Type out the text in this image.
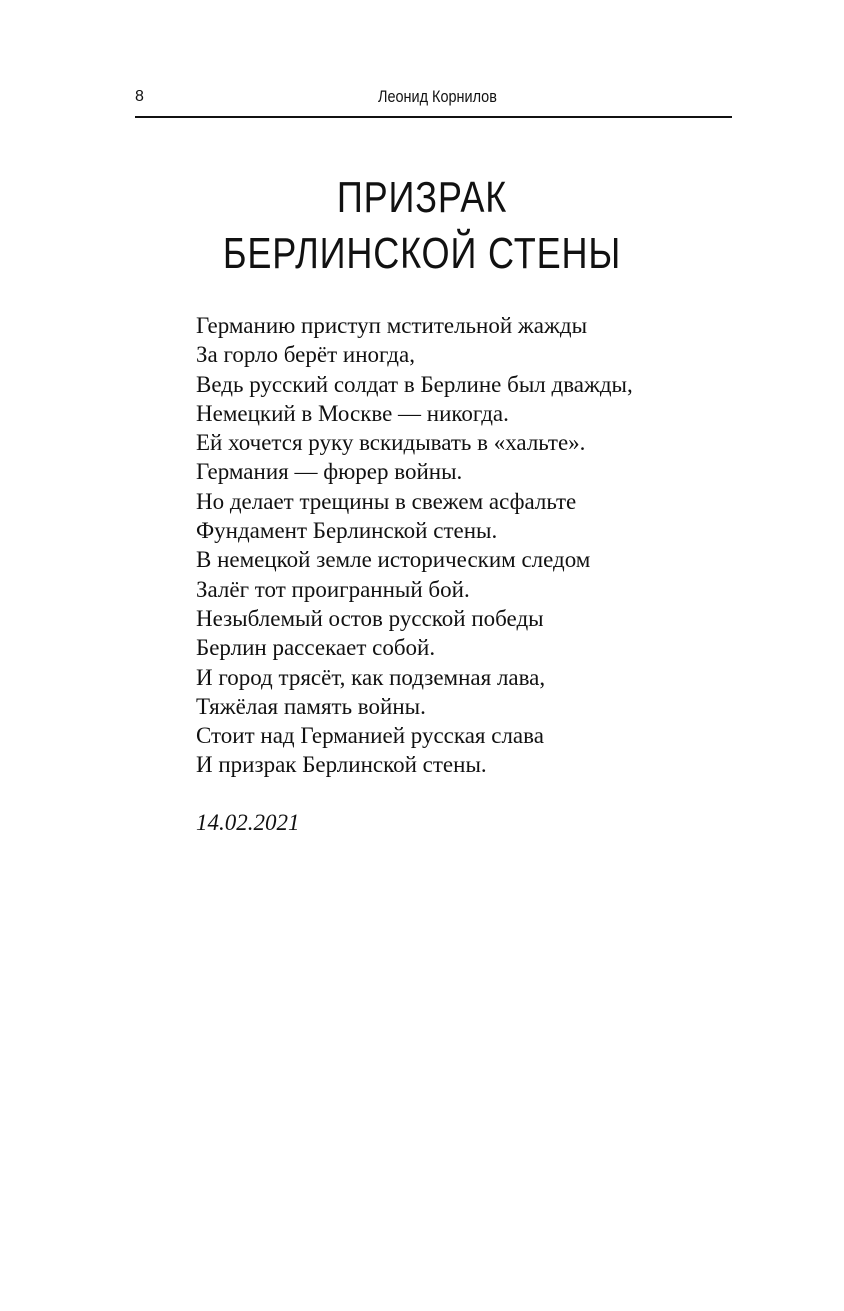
8	Леонид Корнилов
ПРИЗРАК
БЕРЛИНСКОЙ СТЕНЫ
Германию приступ мстительной жажды
За горло берёт иногда,
Ведь русский солдат в Берлине был дважды,
Немецкий в Москве — никогда.
Ей хочется руку вскидывать в «хальте».
Германия — фюрер войны.
Но делает трещины в свежем асфальте
Фундамент Берлинской стены.
В немецкой земле историческим следом
Залёг тот проигранный бой.
Незыблемый остов русской победы
Берлин рассекает собой.
И город трясёт, как подземная лава,
Тяжёлая память войны.
Стоит над Германией русская слава
И призрак Берлинской стены.
14.02.2021
